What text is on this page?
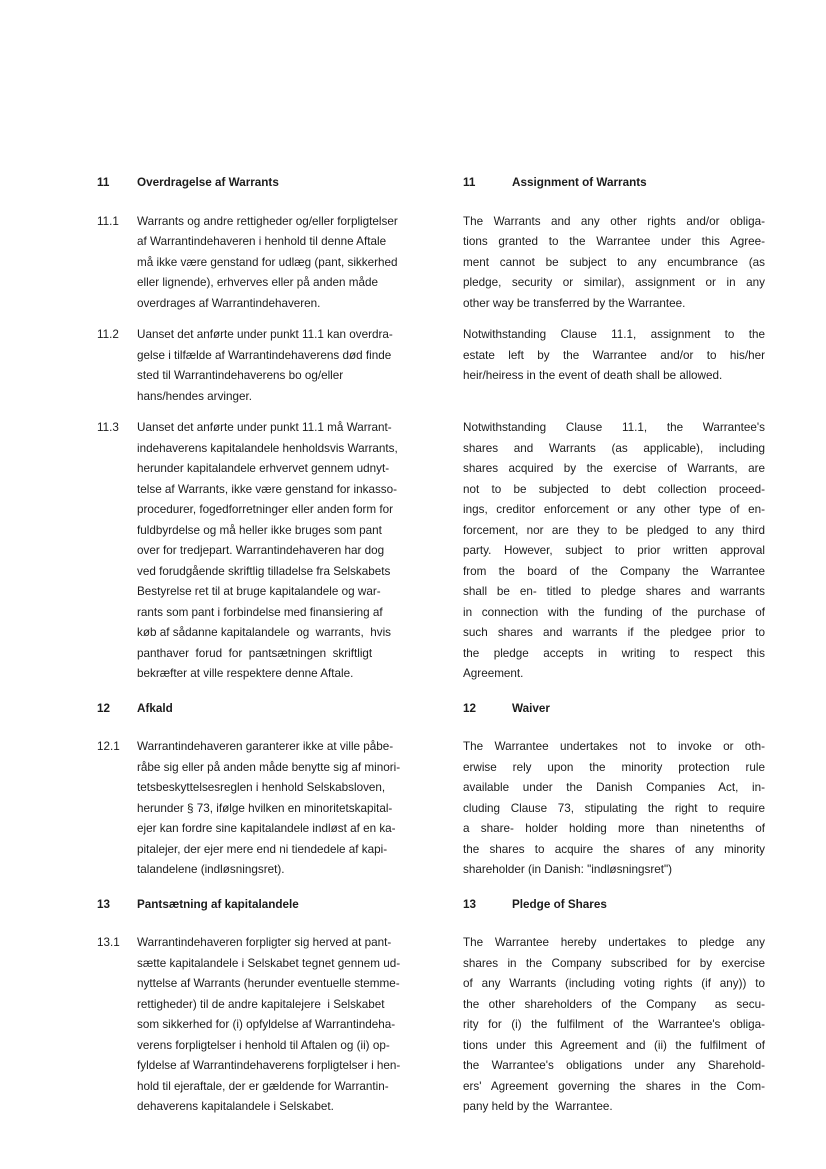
11	Overdragelse af Warrants	11	Assignment of Warrants
11.1	Warrants og andre rettigheder og/eller forpligtelser
af Warrantindehaveren i henhold til denne Aftale
må ikke være genstand for udlæg (pant, sikkerhed
eller lignende), erhverves eller på anden måde
overdrages af Warrantindehaveren.
The Warrants and any other rights and/or obliga-
tions granted to the Warrantee under this Agree-
ment cannot be subject to any encumbrance (as
pledge, security or similar), assignment or in any
other way be transferred by the Warrantee.
11.2	Uanset det anførte under punkt 11.1 kan overdra-
gelse i tilfælde af Warrantindehaverens død finde
sted til Warrantindehaverens bo og/eller
hans/hendes arvinger.
Notwithstanding Clause 11.1, assignment to the
estate left by the Warrantee and/or to his/her
heir/heiress in the event of death shall be allowed.
11.3	Uanset det anførte under punkt 11.1 må Warrant-
indehaverens kapitalandele henholdsvis Warrants,
herunder kapitalandele erhvervet gennem udnyt-
telse af Warrants, ikke være genstand for inkasso-
procedurer, fogedforretninger eller anden form for
fuldbyrdelse og må heller ikke bruges som pant
over for tredjepart. Warrantindehaveren har dog
ved forudgående skriftlig tilladelse fra Selskabets
Bestyrelse ret til at bruge kapitalandele og war-
rants som pant i forbindelse med finansiering af
køb af sådanne kapitalandele  og  warrants,  hvis
panthaver  forud  for  pantsætningen  skriftligt
bekræfter at ville respektere denne Aftale.
Notwithstanding Clause 11.1, the Warrantee's
shares and Warrants (as applicable), including
shares acquired by the exercise of Warrants, are
not to be subjected to debt collection proceed-
ings, creditor enforcement or any other type of en-
forcement, nor are they to be pledged to any third
party. However, subject to prior written approval
from the board of the Company the Warrantee
shall be en- titled to pledge shares and warrants
in connection with the funding of the purchase of
such shares and warrants if the pledgee prior to
the pledge accepts in writing to respect this
Agreement.
12	Afkald	12	Waiver
12.1	Warrantindehaveren garanterer ikke at ville påbe-
råbe sig eller på anden måde benytte sig af minori-
tetsbeskyttelsesreglen i henhold Selskabsloven,
herunder § 73, ifølge hvilken en minoritetskapital-
ejer kan fordre sine kapitalandele indløst af en ka-
pitalejer, der ejer mere end ni tiendedele af kapi-
talandelene (indløsningsret).
The Warrantee undertakes not to invoke or oth-
erwise rely upon the minority protection rule
available under the Danish Companies Act, in-
cluding Clause 73, stipulating the right to require
a share- holder holding more than ninetenths of
the shares to acquire the shares of any minority
shareholder (in Danish: "indløsningsret")
13	Pantsætning af kapitalandele	13	Pledge of Shares
13.1	Warrantindehaveren forpligter sig herved at pant-
sætte kapitalandele i Selskabet tegnet gennem ud-
nyttelse af Warrants (herunder eventuelle stemme-
rettigheder) til de andre kapitalejere  i Selskabet
som sikkerhed for (i) opfyldelse af Warrantindeha-
verens forpligtelser i henhold til Aftalen og (ii) op-
fyldelse af Warrantindehaverens forpligtelser i hen-
hold til ejeraftale, der er gældende for Warrantin-
dehaverens kapitalandele i Selskabet.
The Warrantee hereby undertakes to pledge any
shares in the Company subscribed for by exercise
of any Warrants (including voting rights (if any)) to
the other shareholders of the Company  as secu-
rity for (i) the fulfilment of the Warrantee's obliga-
tions under this Agreement and (ii) the fulfilment of
the Warrantee's obligations under any Sharehold-
ers' Agreement governing the shares in the Com-
pany held by the  Warrantee.
